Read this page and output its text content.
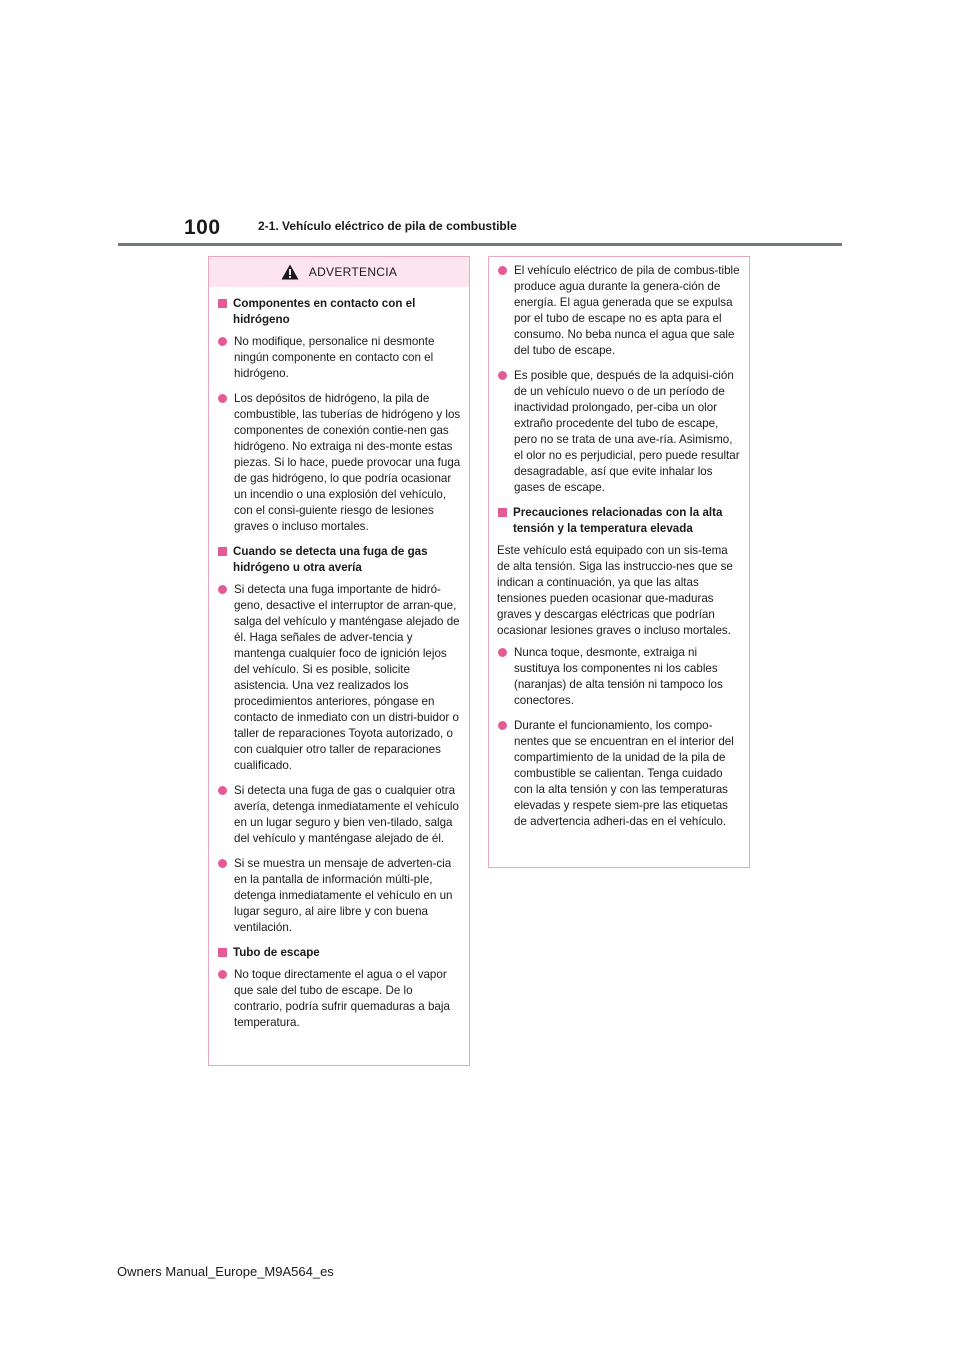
100	2-1. Vehículo eléctrico de pila de combustible
ADVERTENCIA
Componentes en contacto con el hidrógeno
No modifique, personalice ni desmonte ningún componente en contacto con el hidrógeno.
Los depósitos de hidrógeno, la pila de combustible, las tuberías de hidrógeno y los componentes de conexión contie-nen gas hidrógeno. No extraiga ni des-monte estas piezas. Si lo hace, puede provocar una fuga de gas hidrógeno, lo que podría ocasionar un incendio o una explosión del vehículo, con el consi-guiente riesgo de lesiones graves o incluso mortales.
Cuando se detecta una fuga de gas hidrógeno u otra avería
Si detecta una fuga importante de hidró-geno, desactive el interruptor de arran-que, salga del vehículo y manténgase alejado de él. Haga señales de adver-tencia y mantenga cualquier foco de ignición lejos del vehículo. Si es posible, solicite asistencia. Una vez realizados los procedimientos anteriores, póngase en contacto de inmediato con un distri-buidor o taller de reparaciones Toyota autorizado, o con cualquier otro taller de reparaciones cualificado.
Si detecta una fuga de gas o cualquier otra avería, detenga inmediatamente el vehículo en un lugar seguro y bien ven-tilado, salga del vehículo y manténgase alejado de él.
Si se muestra un mensaje de adverten-cia en la pantalla de información múlti-ple, detenga inmediatamente el vehículo en un lugar seguro, al aire libre y con buena ventilación.
Tubo de escape
No toque directamente el agua o el vapor que sale del tubo de escape. De lo contrario, podría sufrir quemaduras a baja temperatura.
El vehículo eléctrico de pila de combus-tible produce agua durante la genera-ción de energía. El agua generada que se expulsa por el tubo de escape no es apta para el consumo. No beba nunca el agua que sale del tubo de escape.
Es posible que, después de la adquisi-ción de un vehículo nuevo o de un período de inactividad prolongado, per-ciba un olor extraño procedente del tubo de escape, pero no se trata de una ave-ría. Asimismo, el olor no es perjudicial, pero puede resultar desagradable, así que evite inhalar los gases de escape.
Precauciones relacionadas con la alta tensión y la temperatura elevada

Este vehículo está equipado con un sis-tema de alta tensión. Siga las instruccio-nes que se indican a continuación, ya que las altas tensiones pueden ocasionar que-maduras graves y descargas eléctricas que podrían ocasionar lesiones graves o incluso mortales.

Nunca toque, desmonte, extraiga ni sustituya los componentes ni los cables (naranjas) de alta tensión ni tampoco los conectores.
Durante el funcionamiento, los compo-nentes que se encuentran en el interior del compartimiento de la unidad de la pila de combustible se calientan. Tenga cuidado con la alta tensión y con las temperaturas elevadas y respete siem-pre las etiquetas de advertencia adheri-das en el vehículo.
Owners Manual_Europe_M9A564_es
